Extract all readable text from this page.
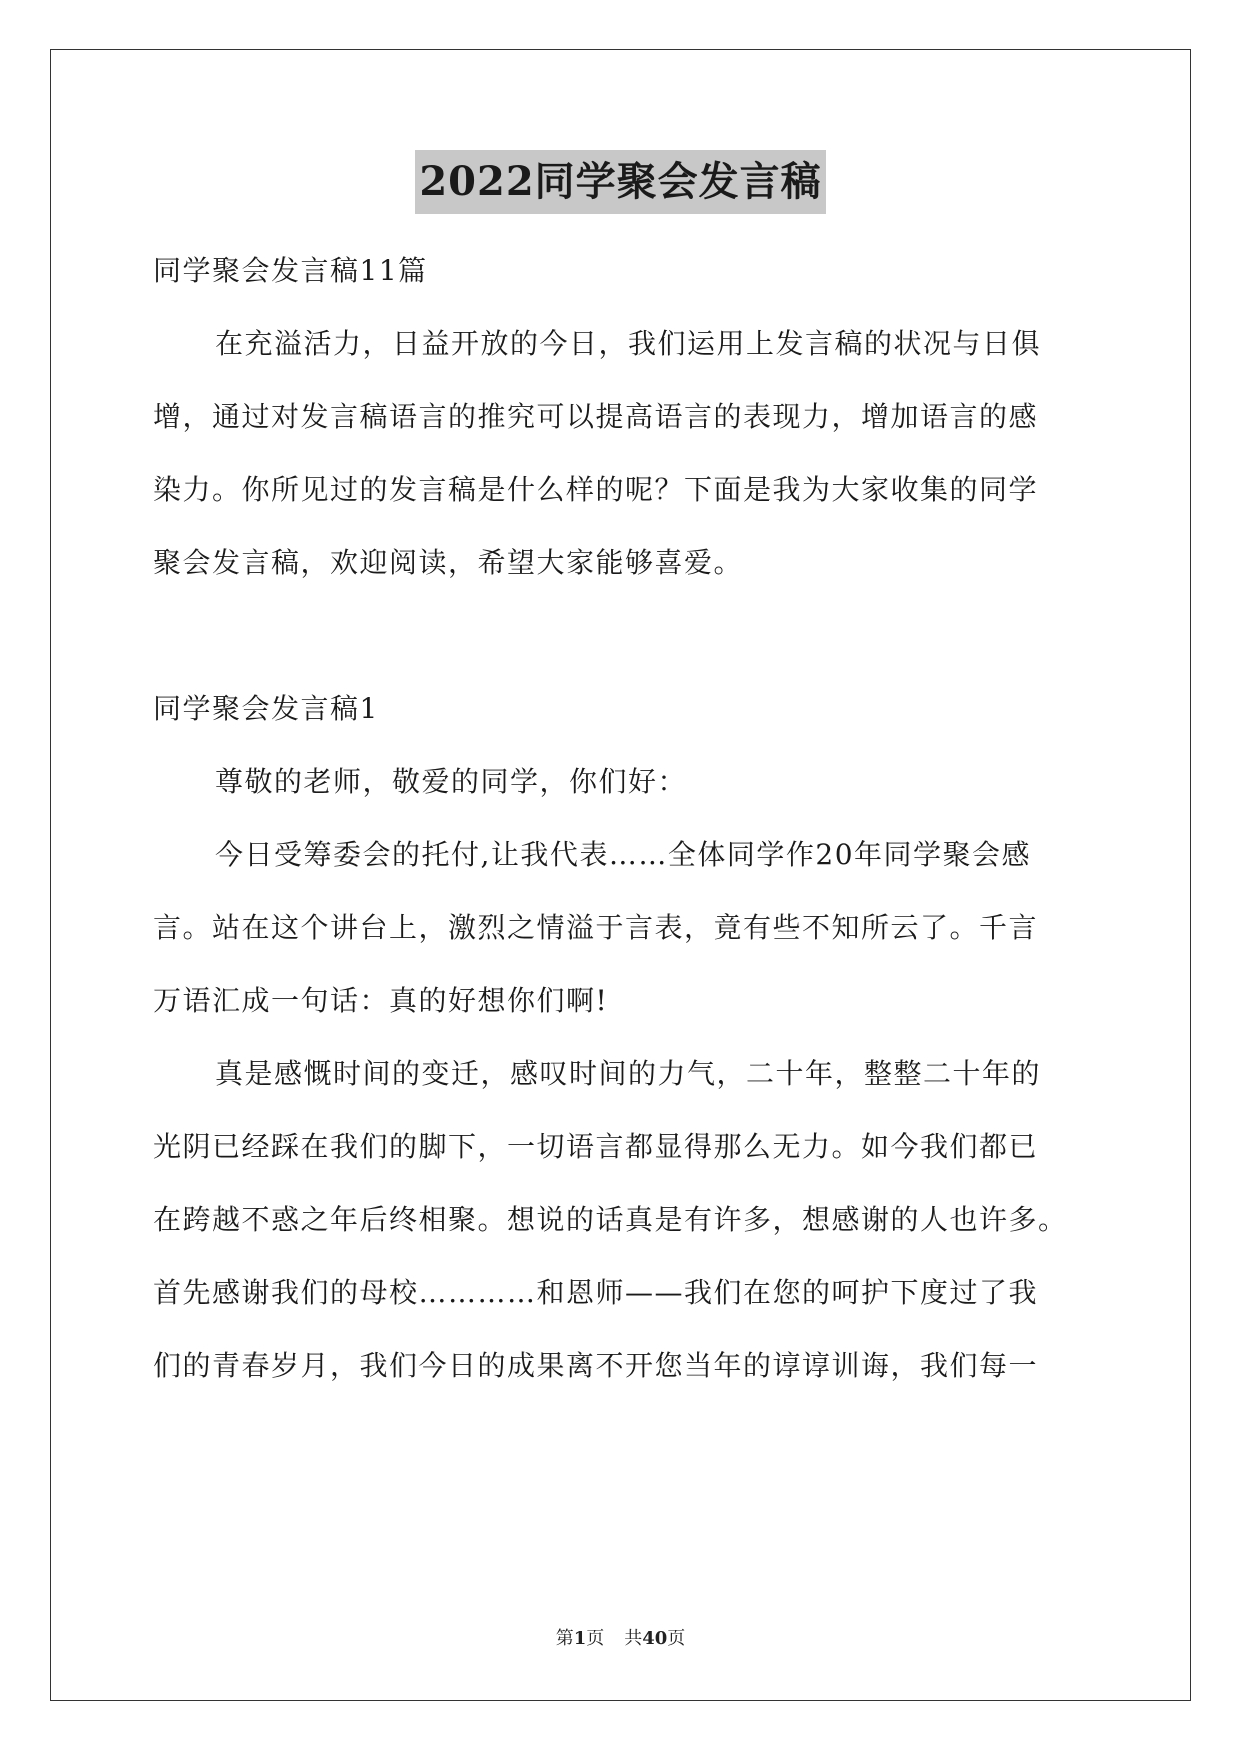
2022同学聚会发言稿

同学聚会发言稿11篇

在充溢活力，日益开放的今日，我们运用上发言稿的状况与日俱

增，通过对发言稿语言的推究可以提高语言的表现力，增加语言的感

染力。你所见过的发言稿是什么样的呢？下面是我为大家收集的同学

聚会发言稿，欢迎阅读，希望大家能够喜爱。

同学聚会发言稿1

尊敬的老师，敬爱的同学，你们好：

今日受筹委会的托付,让我代表……全体同学作20年同学聚会感

言。站在这个讲台上，激烈之情溢于言表，竟有些不知所云了。千言

万语汇成一句话：真的好想你们啊!

真是感慨时间的变迁，感叹时间的力气，二十年，整整二十年的

光阴已经踩在我们的脚下，一切语言都显得那么无力。如今我们都已

在跨越不惑之年后终相聚。想说的话真是有许多，想感谢的人也许多。

首先感谢我们的母校…………和恩师——我们在您的呵护下度过了我

们的青春岁月，我们今日的成果离不开您当年的谆谆训诲，我们每一

第1页 共40页
